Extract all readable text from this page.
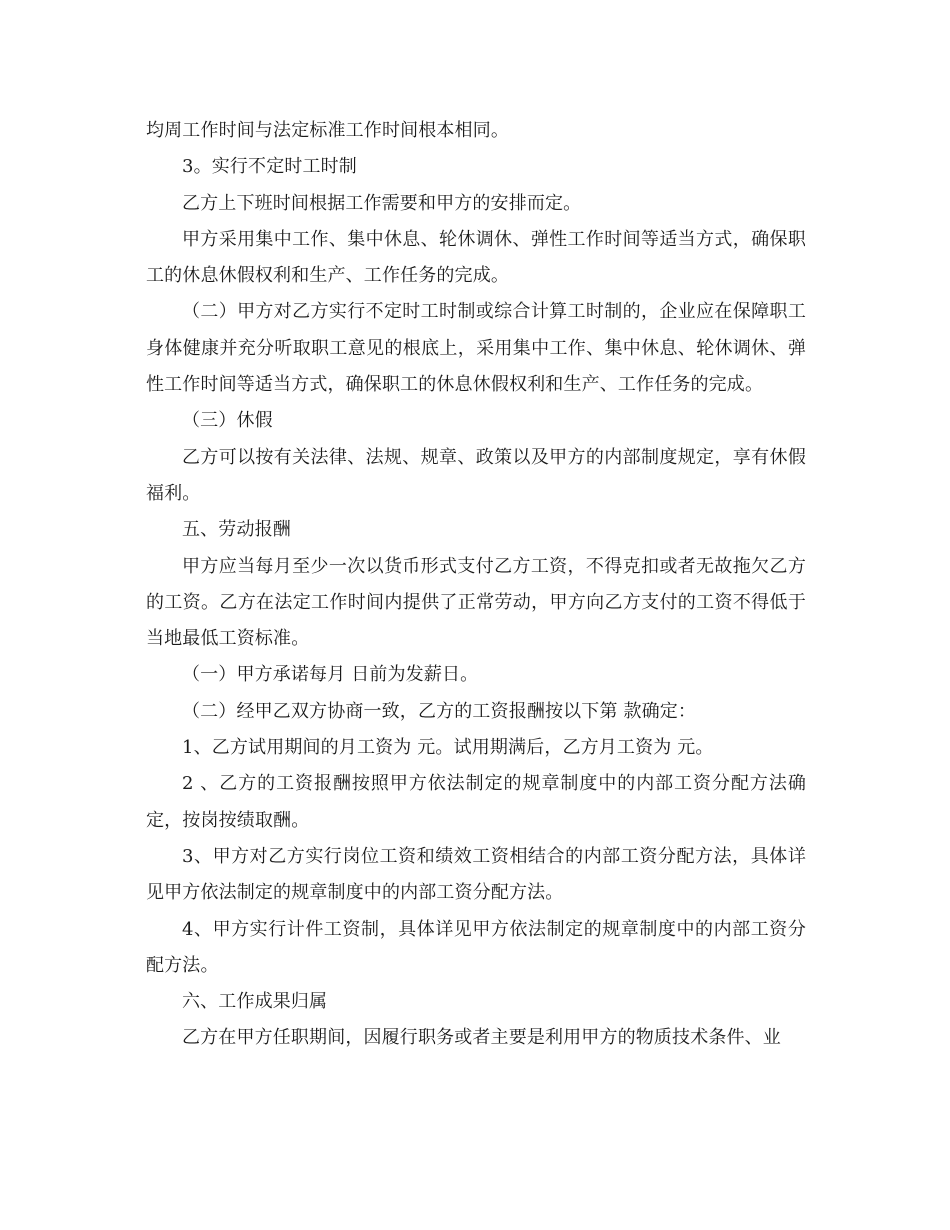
均周工作时间与法定标准工作时间根本相同。

3。实行不定时工时制

乙方上下班时间根据工作需要和甲方的安排而定。

甲方采用集中工作、集中休息、轮休调休、弹性工作时间等适当方式，确保职工的休息休假权利和生产、工作任务的完成。

（二）甲方对乙方实行不定时工时制或综合计算工时制的，企业应在保障职工身体健康并充分听取职工意见的根底上，采用集中工作、集中休息、轮休调休、弹性工作时间等适当方式，确保职工的休息休假权利和生产、工作任务的完成。

（三）休假

乙方可以按有关法律、法规、规章、政策以及甲方的内部制度规定，享有休假福利。

五、劳动报酬

甲方应当每月至少一次以货币形式支付乙方工资，不得克扣或者无故拖欠乙方的工资。乙方在法定工作时间内提供了正常劳动，甲方向乙方支付的工资不得低于当地最低工资标准。

（一）甲方承诺每月 日前为发薪日。

（二）经甲乙双方协商一致，乙方的工资报酬按以下第 款确定：

1、乙方试用期间的月工资为 元。试用期满后，乙方月工资为 元。

2 、乙方的工资报酬按照甲方依法制定的规章制度中的内部工资分配方法确定，按岗按绩取酬。

3、甲方对乙方实行岗位工资和绩效工资相结合的内部工资分配方法，具体详见甲方依法制定的规章制度中的内部工资分配方法。

4、甲方实行计件工资制，具体详见甲方依法制定的规章制度中的内部工资分配方法。

六、工作成果归属

乙方在甲方任职期间，因履行职务或者主要是利用甲方的物质技术条件、业
